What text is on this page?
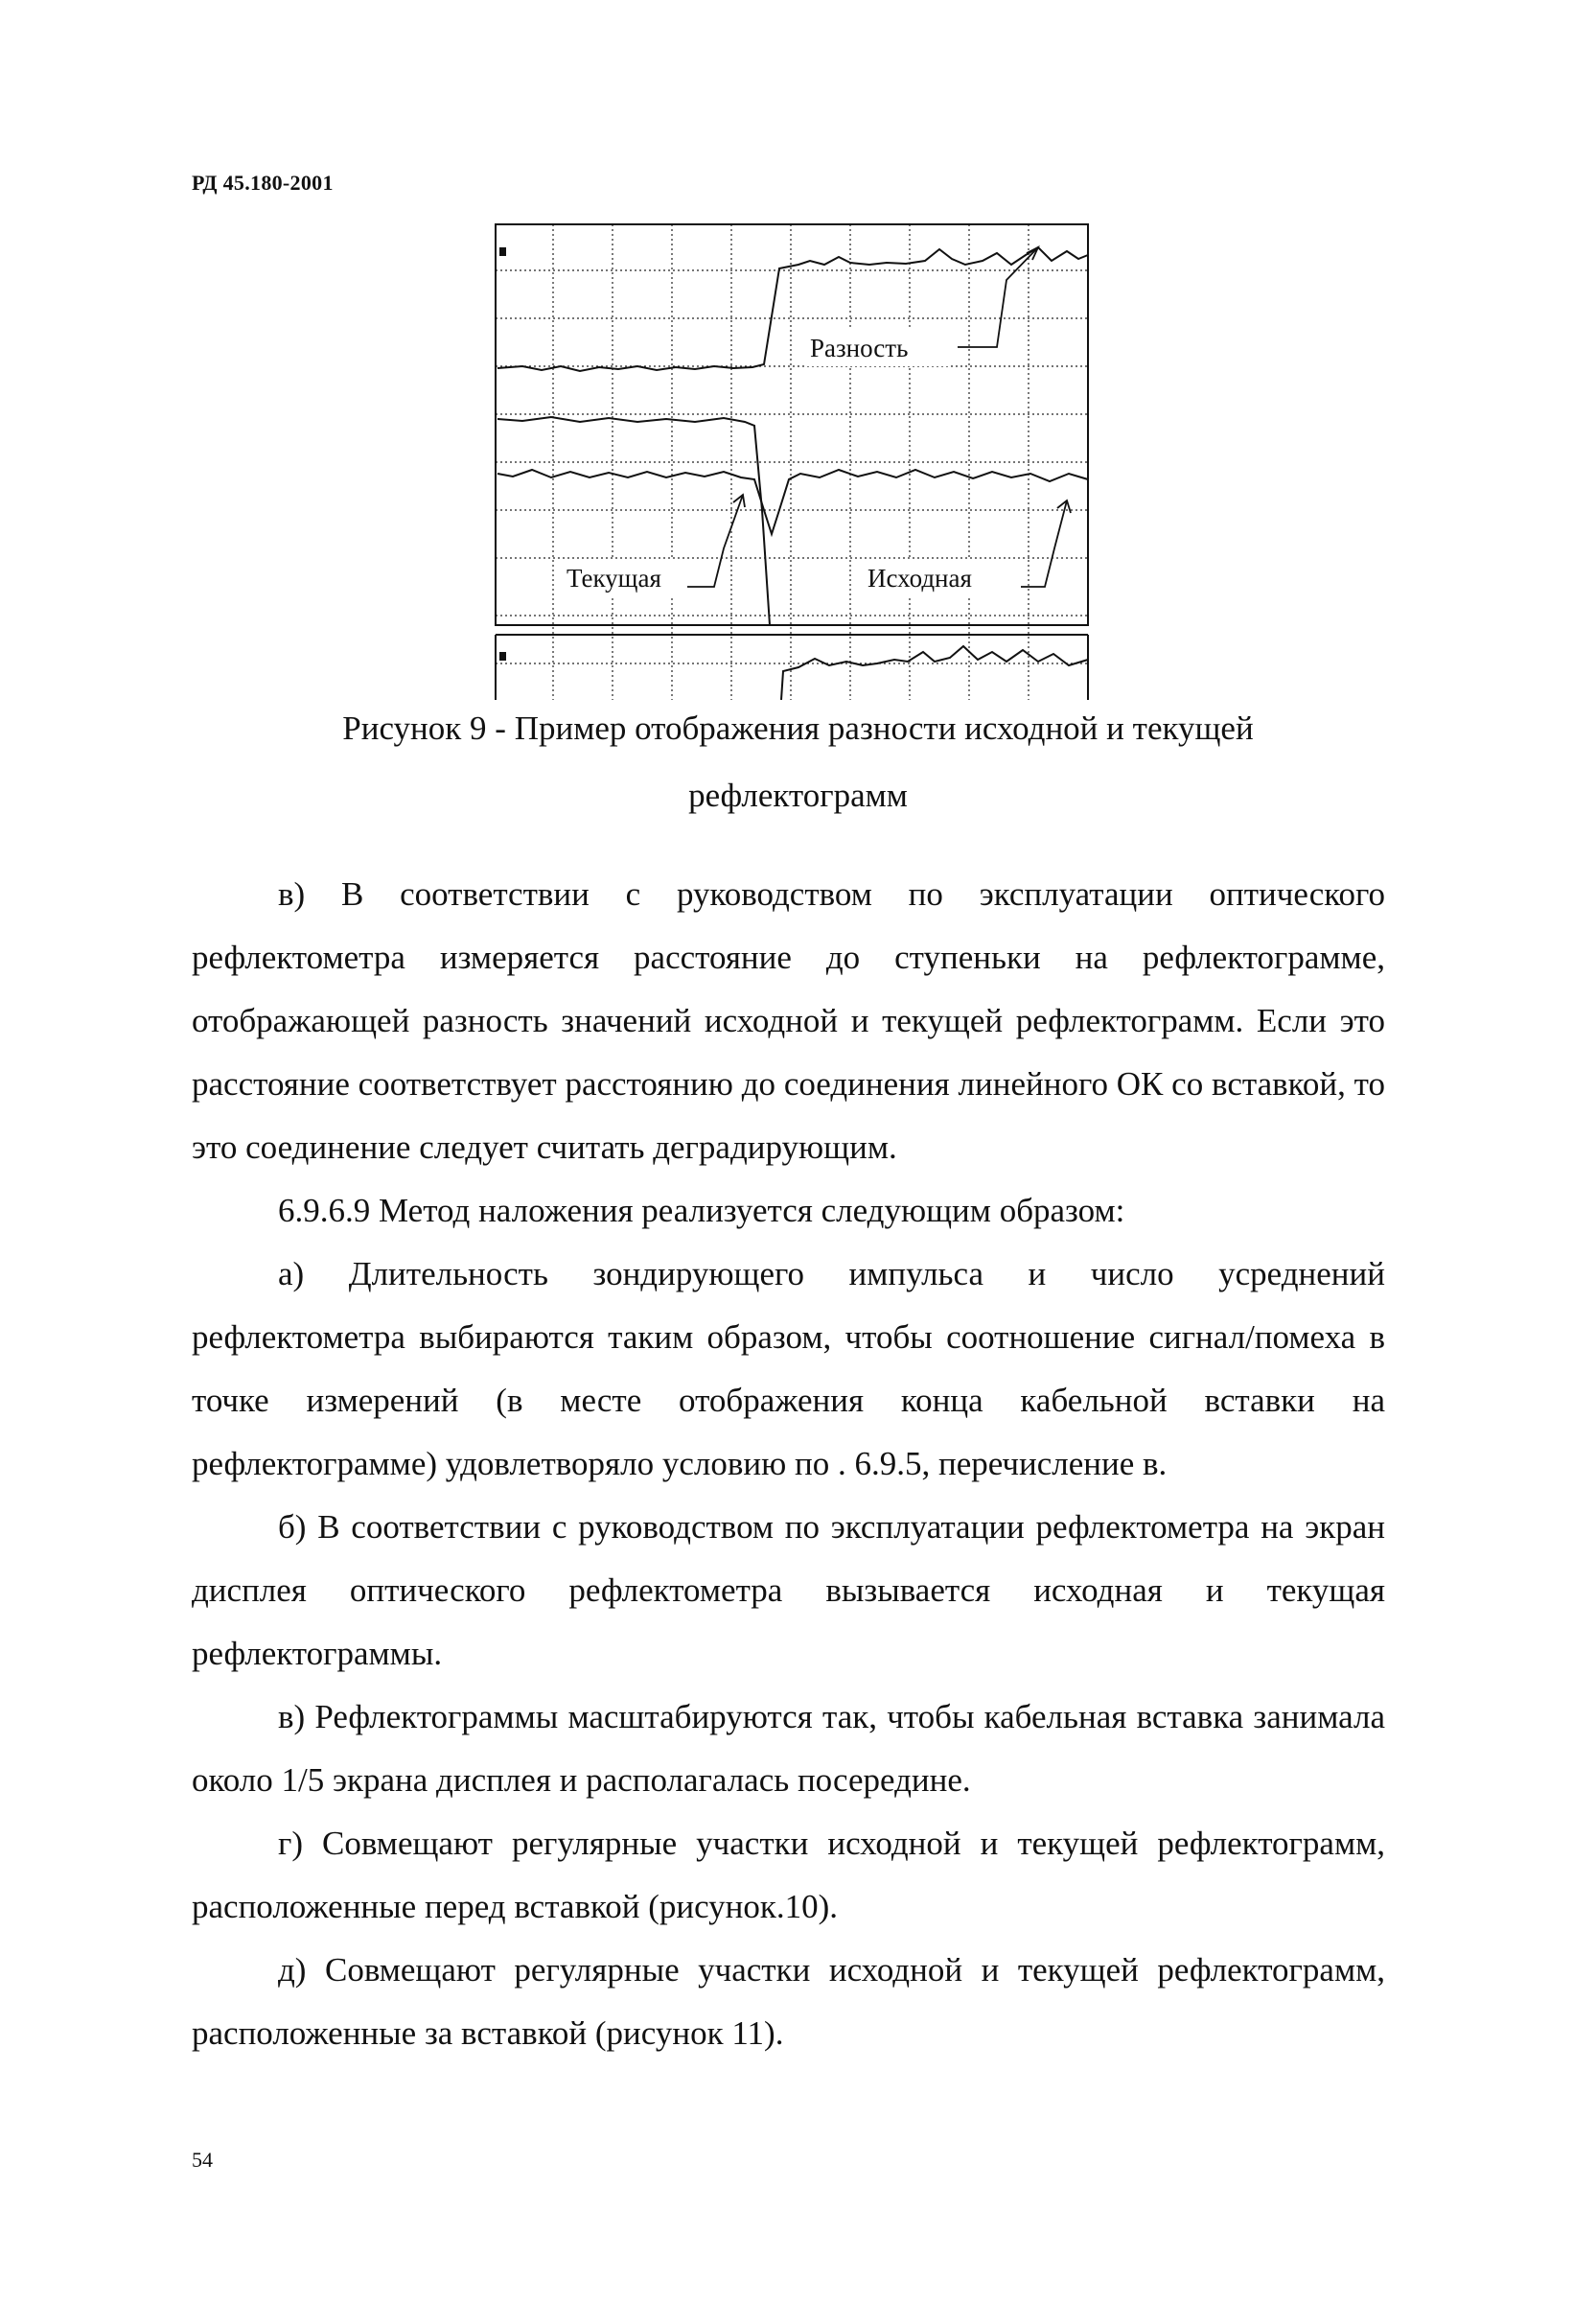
РД 45.180-2001
Разность
Текущая	Исходная
Рисунок 9 - Пример отображения разности исходной и текущей
рефлектограмм

в) В соответствии с руководством по эксплуатации оптического рефлектометра измеряется расстояние до ступеньки на рефлектограмме, отображающей разность значений исходной и текущей рефлектограмм. Если это расстояние соответствует расстоянию до соединения линейного ОК со вставкой, то это соединение следует считать деградирующим.

6.9.6.9 Метод наложения реализуется следующим образом:

а) Длительность зондирующего импульса и число усреднений рефлектометра выбираются таким образом, чтобы соотношение сигнал/помеха в точке измерений (в месте отображения конца кабельной вставки на рефлектограмме) удовлетворяло условию по . 6.9.5, перечисление в.

б) В соответствии с руководством по эксплуатации рефлектометра на экран дисплея оптического рефлектометра вызывается исходная и текущая рефлектограммы.

в) Рефлектограммы масштабируются так, чтобы кабельная вставка занимала около 1/5 экрана дисплея и располагалась посередине.

г) Совмещают регулярные участки исходной и текущей рефлектограмм, расположенные перед вставкой (рисунок.10).

д) Совмещают регулярные участки исходной и текущей рефлектограмм, расположенные за вставкой (рисунок 11).

54
